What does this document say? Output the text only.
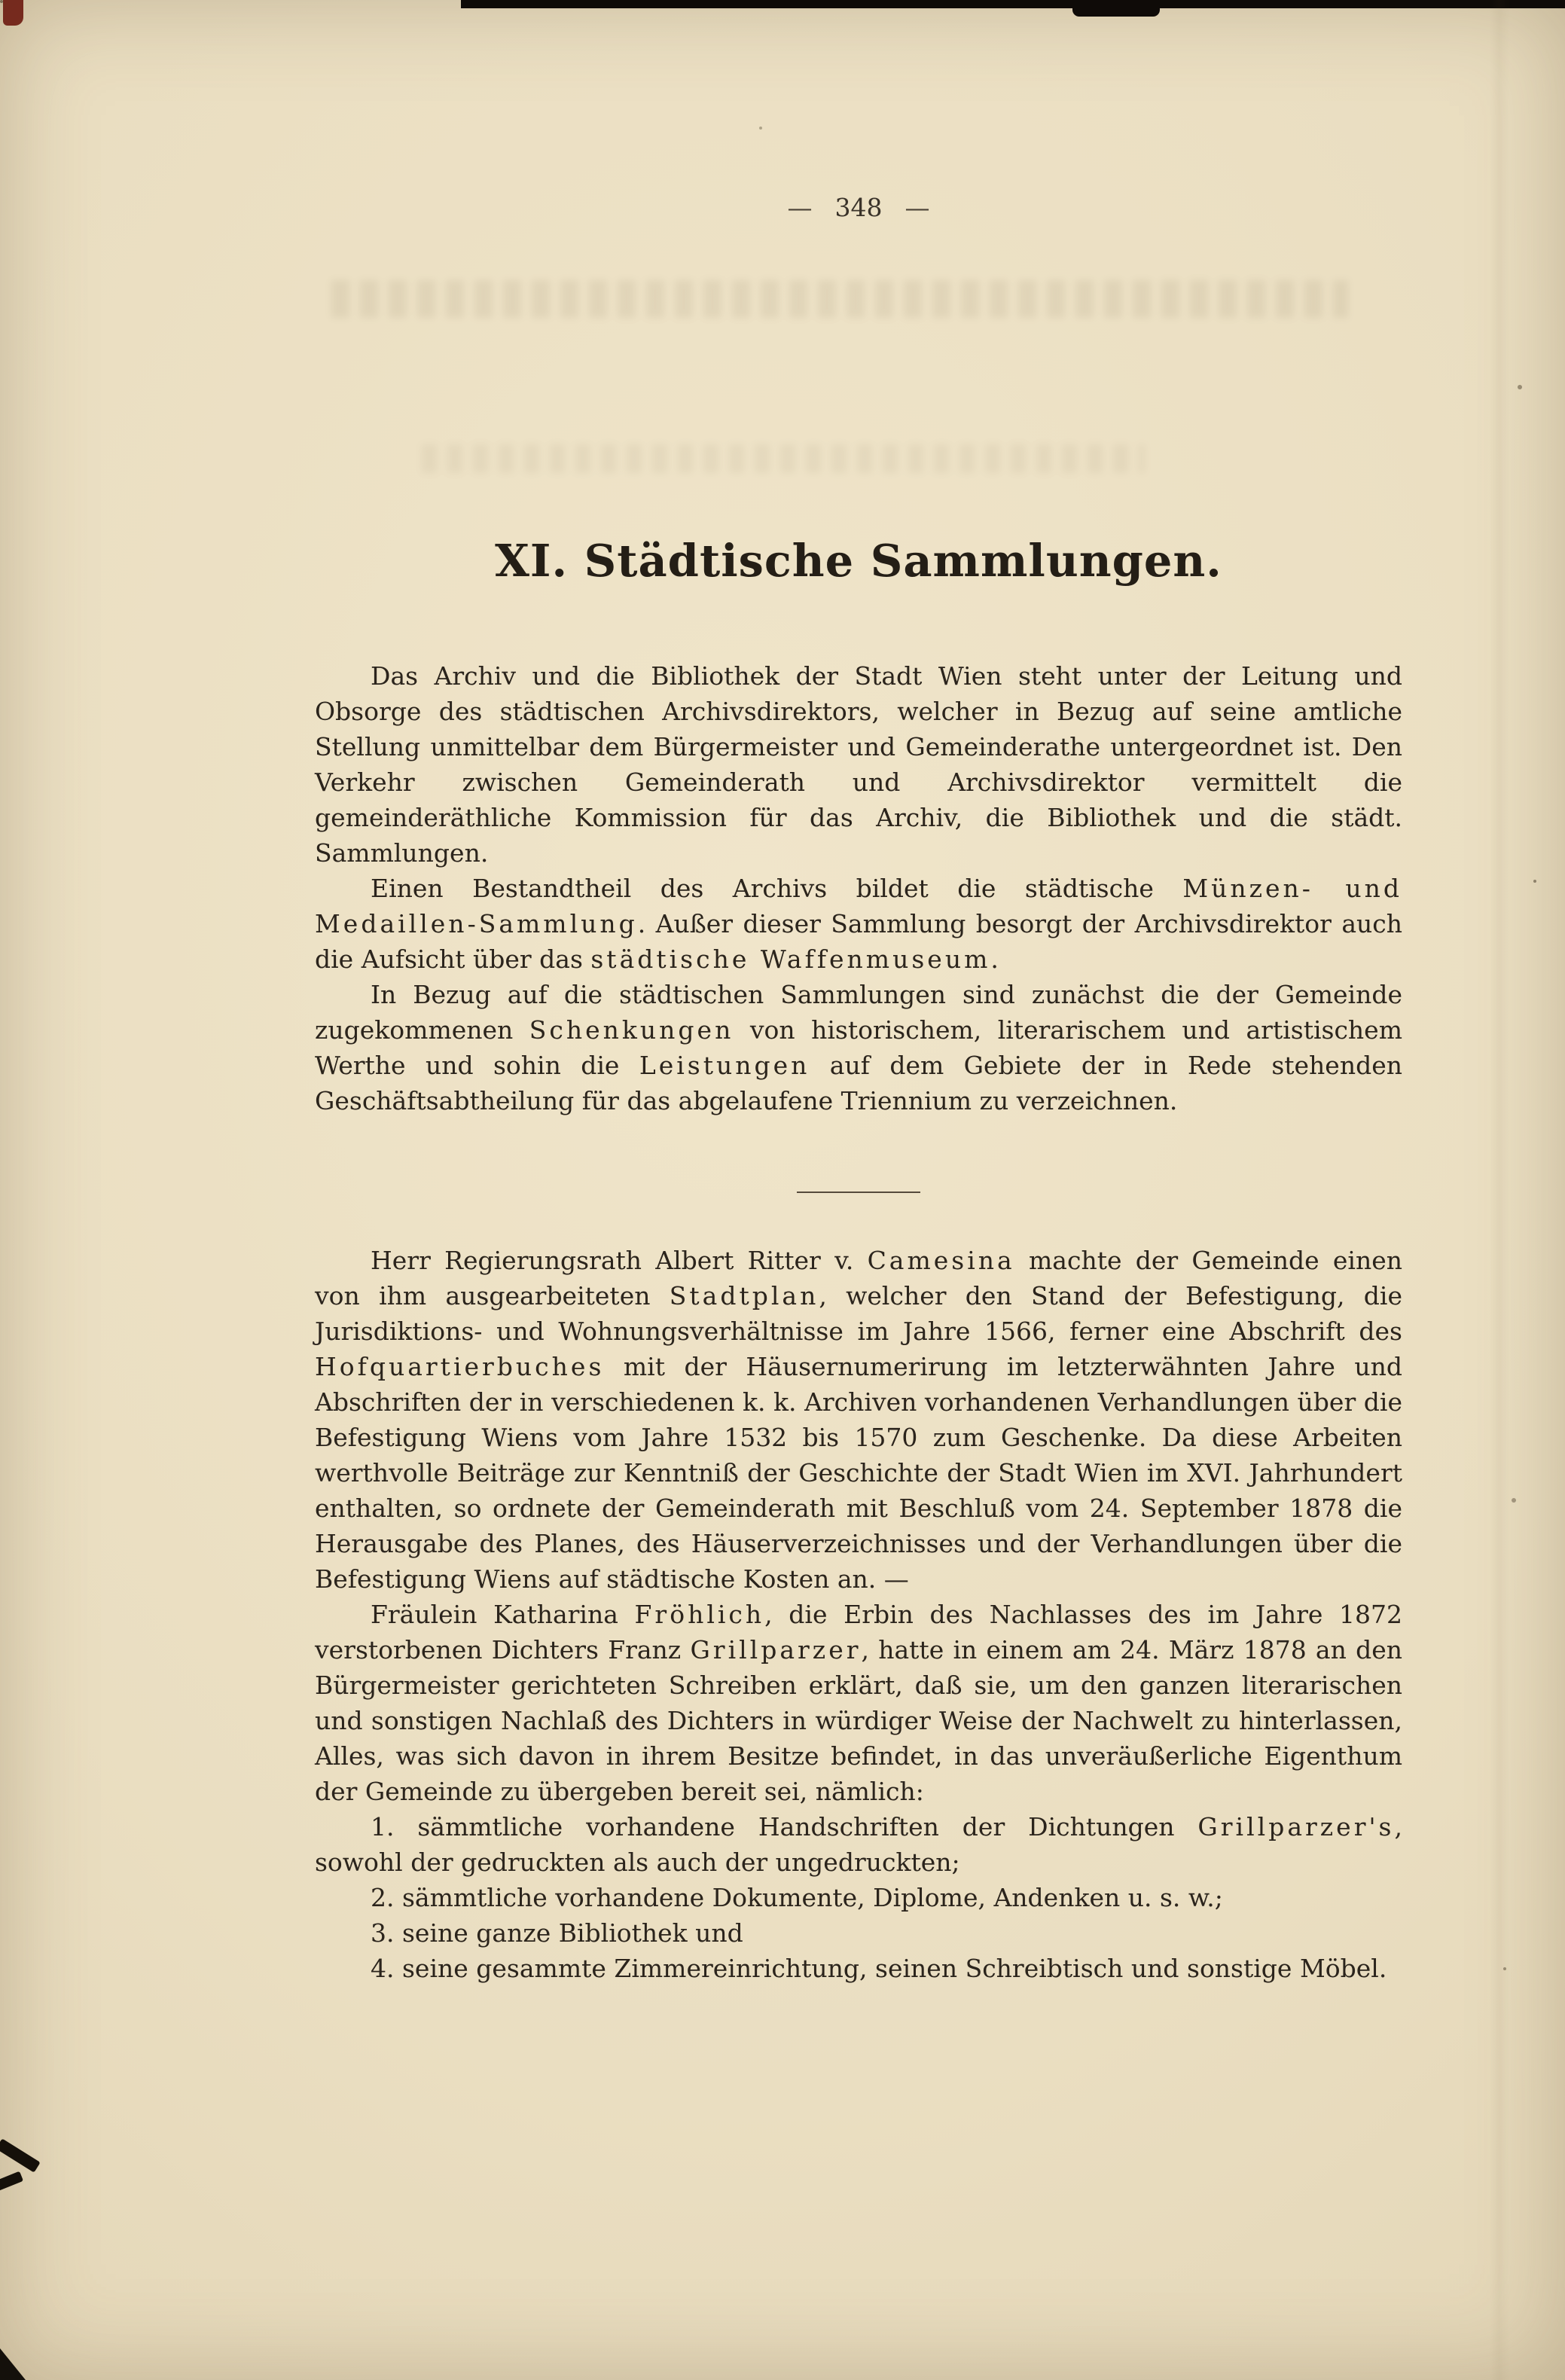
— 348 —
XI. Städtische Sammlungen.

Das Archiv und die Bibliothek der Stadt Wien steht unter der Leitung und Obsorge des städtischen Archivsdirektors, welcher in Bezug auf seine amtliche Stellung unmittelbar dem Bürgermeister und Gemeinderathe untergeordnet ist. Den Verkehr zwischen Gemeinderath und Archivsdirektor vermittelt die gemeinderäthliche Kommission für das Archiv, die Bibliothek und die städt. Sammlungen.

Einen Bestandtheil des Archivs bildet die städtische Münzen- und Medaillen-Sammlung. Außer dieser Sammlung besorgt der Archivsdirektor auch die Aufsicht über das städtische Waffenmuseum.

In Bezug auf die städtischen Sammlungen sind zunächst die der Gemeinde zugekommenen Schenkungen von historischem, literarischem und artistischem Werthe und sohin die Leistungen auf dem Gebiete der in Rede stehenden Geschäftsabtheilung für das abgelaufene Triennium zu verzeichnen.

Herr Regierungsrath Albert Ritter v. Camesina machte der Gemeinde einen von ihm ausgearbeiteten Stadtplan, welcher den Stand der Befestigung, die Jurisdiktions- und Wohnungsverhältnisse im Jahre 1566, ferner eine Abschrift des Hofquartierbuches mit der Häusernumerirung im letzterwähnten Jahre und Abschriften der in verschiedenen k. k. Archiven vorhandenen Verhandlungen über die Befestigung Wiens vom Jahre 1532 bis 1570 zum Geschenke. Da diese Arbeiten werthvolle Beiträge zur Kenntniß der Geschichte der Stadt Wien im XVI. Jahrhundert enthalten, so ordnete der Gemeinderath mit Beschluß vom 24. September 1878 die Herausgabe des Planes, des Häuserverzeichnisses und der Verhandlungen über die Befestigung Wiens auf städtische Kosten an. —

Fräulein Katharina Fröhlich, die Erbin des Nachlasses des im Jahre 1872 verstorbenen Dichters Franz Grillparzer, hatte in einem am 24. März 1878 an den Bürgermeister gerichteten Schreiben erklärt, daß sie, um den ganzen literarischen und sonstigen Nachlaß des Dichters in würdiger Weise der Nachwelt zu hinterlassen, Alles, was sich davon in ihrem Besitze befindet, in das unveräußerliche Eigenthum der Gemeinde zu übergeben bereit sei, nämlich:

1. sämmtliche vorhandene Handschriften der Dichtungen Grillparzer's, sowohl der gedruckten als auch der ungedruckten;

2. sämmtliche vorhandene Dokumente, Diplome, Andenken u. s. w.;

3. seine ganze Bibliothek und

4. seine gesammte Zimmereinrichtung, seinen Schreibtisch und sonstige Möbel.
